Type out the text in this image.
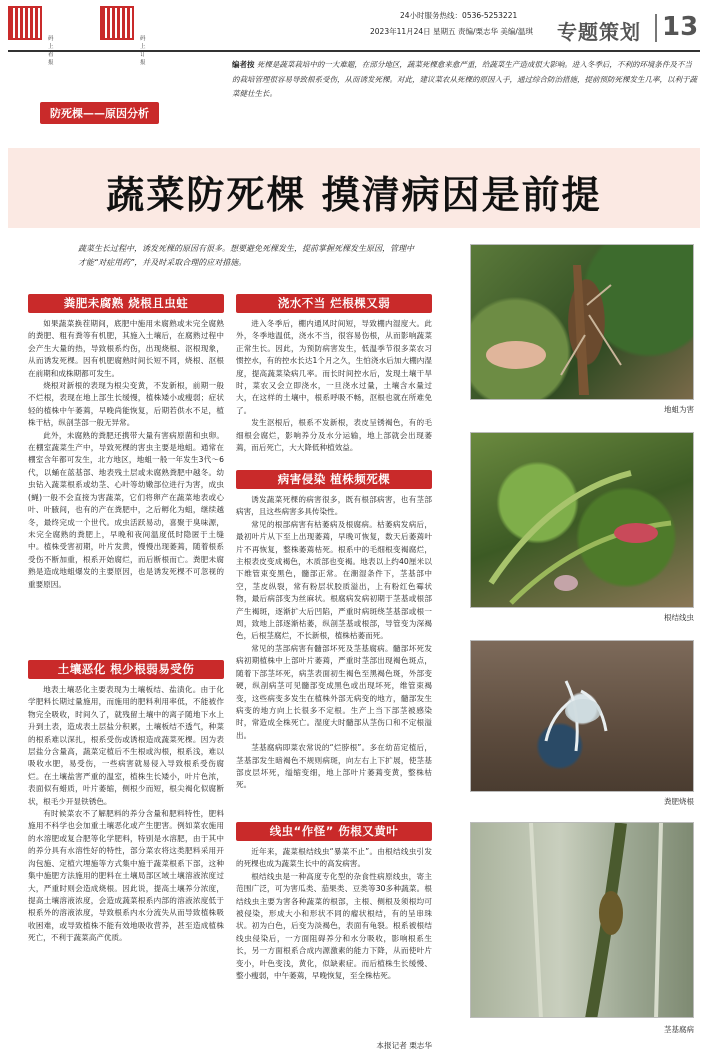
码上看报
码上订报
24小时服务热线：0536-5253221
2023年11月24日 星期五 责编/栗志华 美编/温琪 专题策划 13
编者按 死棵是蔬菜栽培中的一大难题，在部分地区，蔬菜死棵愈来愈严重，给蔬菜生产造成很大影响。进入冬季后，不利的环境条件及不当的栽培管理很容易导致根系受伤，从而诱发死棵。对此，建议菜农从死棵的原因入手，通过综合防治措施，提前预防死棵发生几率，以利于蔬菜健壮生长。
防死棵——原因分析
蔬菜防死棵 摸清病因是前提
蔬菜生长过程中，诱发死棵的原因有很多。想要避免死棵发生，提前掌握死棵发生原因，管理中才能“对症用药”，并及时采取合理的应对措施。
粪肥未腐熟 烧根且虫蛀

如果蔬菜换茬期间，底肥中施用未腐熟或未完全腐熟的粪肥、粗有粪等有机肥，其施入土壤后，在腐熟过程中会产生大量的热，导致根系灼伤，出现烧根、沤根现象，从而诱发死棵。因有机肥腐熟时间长短不同，烧根、沤根在前期和成株期都可发生。

烧根对新根的表现为根尖变黄，不发新根，前期一般不烂根，表现在地上部生长缓慢，植株矮小或瘦弱；症状轻的植株中午萎蔫，早晚尚能恢复，后期若供水不足，植株干枯，纵剖茎部一般无异常。

此外，未腐熟的粪肥还携带大量有害病原菌和虫卵。在棚室蔬菜生产中，导致死棵的害虫主要是地蛆。通常在棚室含年都可发生，北方地区，地蛆一般一年发生3代～6代，以蛹在蓝基部、地表残土层或未腐熟粪肥中越冬。幼虫钻入蔬菜根系或幼茎、心叶等幼嫩部位进行为害，成虫(蝇)一般不会直接为害蔬菜，它们将卵产在蔬菜地表或心叶、叶腋间，也有的产在粪肥中，之后孵化为蛆，继续越冬，最终完成一个世代。成虫活跃易动，喜聚于臭味源，未完全腐熟的粪肥上，早晚和夜间温度低时隐匿于土缝中。植株受害初期，叶片发黄，慢慢出现萎蔫，随着根系受伤不断加重，根系开始腐烂，而后断根而亡。粪肥未腐熟是造成地蛆爆发的主要原因，也是诱发死棵不可忽视的重要原因。

土壤恶化 根少根弱易受伤

地表土壤恶化主要表现为土壤板结、盐渍化。由于化学肥料长期过量施用，而施用的肥料利用率低，不能被作物完全吸收，时间久了，就残留土壤中的离子随地下水上升到土表，造成表土层盐分积累，土壤板结不透气，种菜的根系难以深扎，根系受伤或诱根造成蔬菜死棵。因为表层盐分含量高，蔬菜定植后不生根或沟根，根系浅，难以吸收水肥，易受伤，一些病害就易侵入导致根系受伤腐烂。在土壤盐害严重的温室，植株生长矮小，叶片色浓，表面似有蜡质，叶片萎缩，侧根少而短，根尖褐化似腐断状，根毛少开显铁锈色。

有时候菜农不了解肥料的养分含量和肥料特性，肥料施用不科学也会加重土壤恶化或产生肥害。例如菜农施用的水溶肥或复合肥等化学肥料，特别是水溶肥，由于其中的养分具有水溶性好的特性，部分菜农将这类肥料采用开沟包施、定植穴埋施等方式集中施于蔬菜根系下部，这种集中施肥方法施用的肥料在土壤局部区域土壤溶液浓度过大，严重时则会造成烧根。因此说，提高土壤养分浓度，提高土壤溶液浓度，会造成蔬菜根系内部的溶液浓度低于根系外的溶液浓度，导致根系内水分流失从而导致植株吸收困难，或导致植株不能有效地吸收营养，甚至造成植株死亡，不利于蔬菜高产优质。

浇水不当 烂根棵又弱

进入冬季后，棚内通风时间短，导致棚内湿度大。此外，冬季地温低，浇水不当，很容易伤根，从而影响蔬菜正常生长。因此，为预防病害发生，低温季节很多菜农习惯控水，有的控水长达1个月之久，生怕浇水后加大棚内湿度，提高蔬菜染病几率。而长时间控水后，发现土壤干旱时，菜农又会立即浇水，一旦浇水过量，土壤含水量过大，在这样的土壤中，根系呼吸不畅，沤根也就在所难免了。

发生沤根后，根系不发新根，表皮呈锈褐色，有的毛细根会腐烂，影响养分及水分运输，地上部就会出现萎蔫，而后死亡，大大降低种植效益。

病害侵染 植株频死棵

诱发蔬菜死棵的病害很多，既有根部病害，也有茎部病害，且这些病害多具传染性。

常见的根部病害有枯萎病及根腐病。枯萎病发病后，最初叶片从下至上出现萎蔫，早晚可恢复，数天后萎蔫叶片不再恢复，整株萎蔫枯死。根系中的毛细根变褐腐烂，主根表皮变成褐色，木质部也变褐。地表以上约40厘米以下维管束变黑色，髓部正常。在潮湿条件下，茎基部中空，茎皮纵裂，常有粉层状胶质溢出，上有粉红色霉状物，最后病部变为丝麻状。根腐病发病初期于茎基或根部产生褐斑，逐渐扩大后凹陷，严重时病斑绕茎基部或根一周，致地上部逐渐枯萎，纵剖茎基或根部，导管变为深褐色，后根茎腐烂，不长新根，植株枯萎而死。

常见的茎部病害有髓部坏死及茎基腐病。髓部坏死发病初期植株中上部叶片萎蔫，严重时茎部出现褐色斑点，随着下部茎坏死，病茎表面初生褐色至黑褐色斑，外部变硬，纵剖病茎可见髓部变成黑色或出现坏死，维管束褐变，这些病变多发生在植株外部无病变的地方，髓部发生病变的地方向上长很多不定根。生产上当下部茎被感染时，常造成全株死亡。湿度大时髓部从茎伤口和不定根溢出。

茎基腐病即菜农常说的“烂脖根”。多在幼苗定植后，茎基部发生暗褐色不规则病斑，向左右上下扩展，使茎基部皮层坏死，缢缩变细，地上部叶片萎蔫变黄，整株枯死。

线虫“作怪” 伤根又黄叶

近年来，蔬菜根结线虫“暴菜不止”。由根结线虫引发的死棵也成为蔬菜生长中的高发病害。

根结线虫是一种高度专化型的杂食性病原线虫，寄主范围广泛，可为害瓜类、茄果类、豆类等30多种蔬菜。根结线虫主要为害各种蔬菜的根部，主根、侧根及须根均可被侵染，形成大小和形状不同的瘤状根结，有的呈串珠状。初为白色，后变为淡褐色，表面有龟裂。根系被根结线虫侵染后，一方面阻碍养分和水分吸收，影响根系生长，另一方面根系合成内源激素的能力下降，从而使叶片变小，叶色变浅，黄化，似缺素症。而后植株生长缓慢、整小瘦弱，中午萎蔫，早晚恢复，至全株枯死。

本报记者 栗志华
地蛆为害
根结线虫
粪肥烧根
茎基腐病
